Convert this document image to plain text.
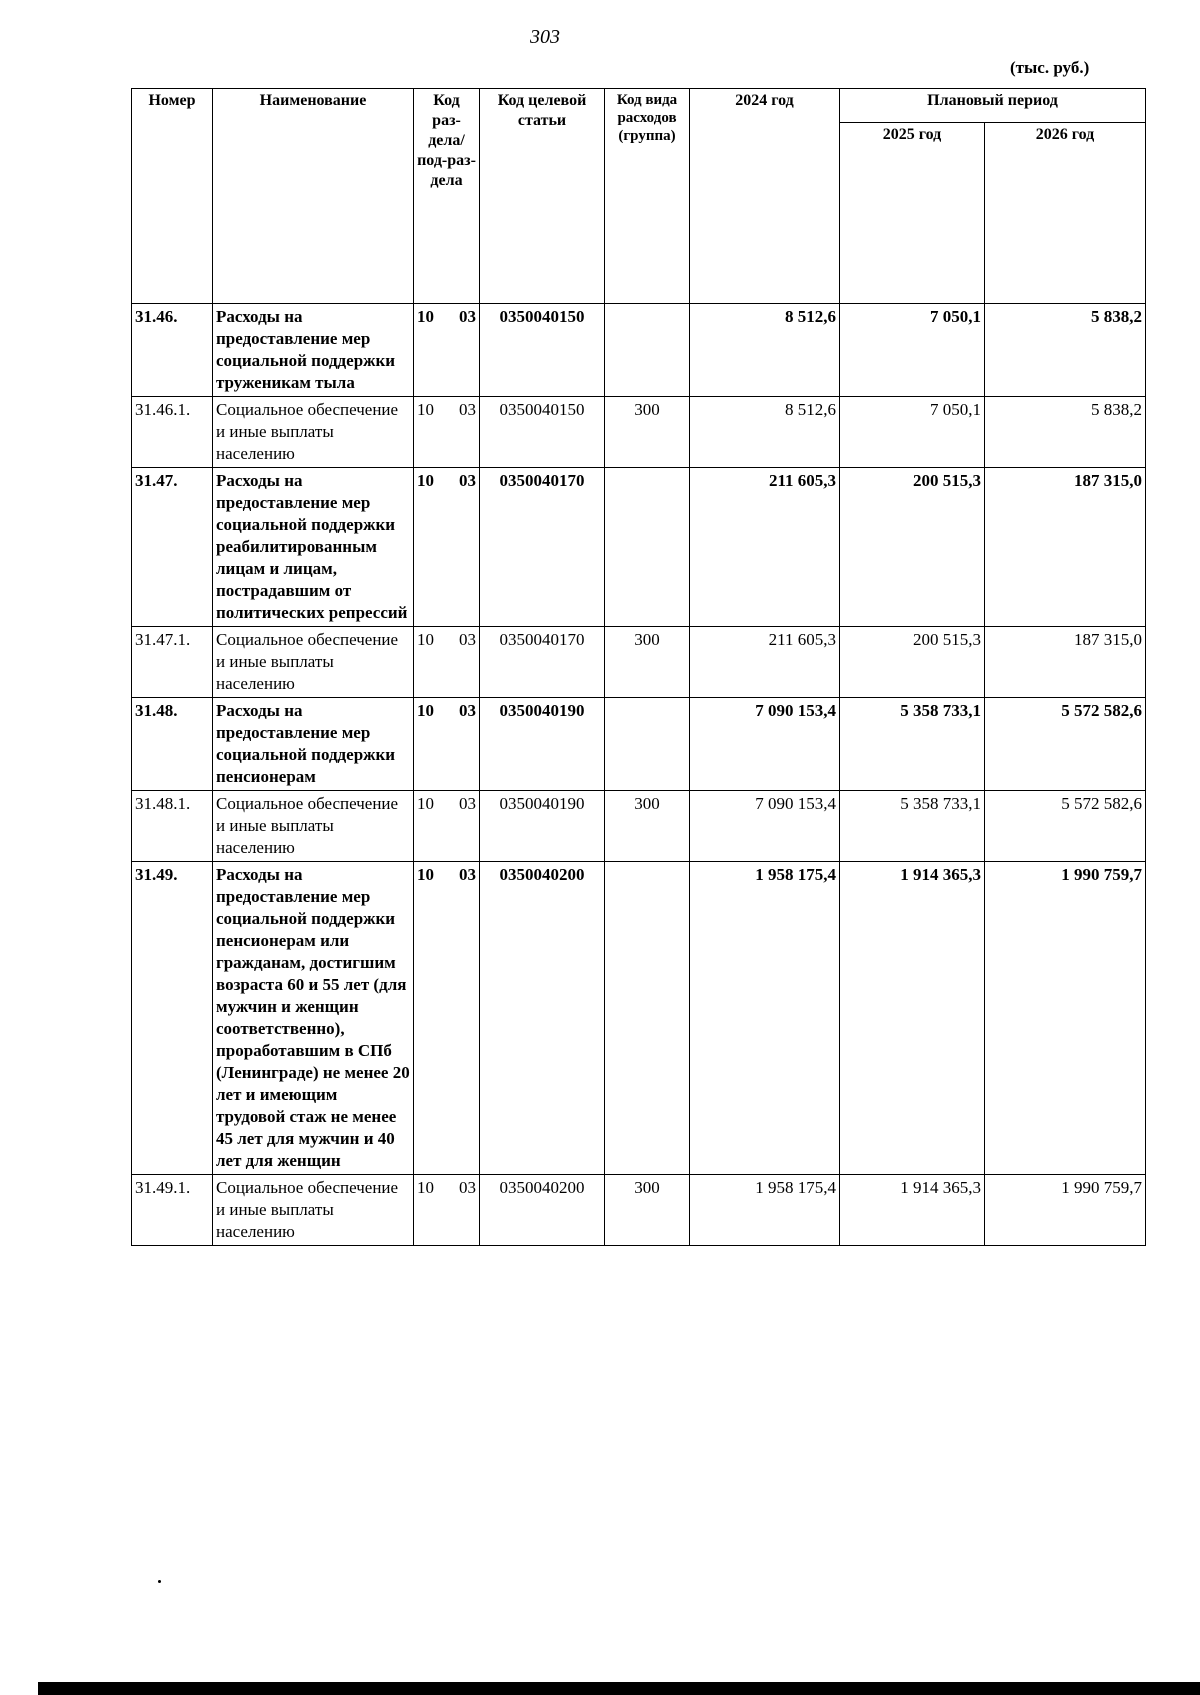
303
(тыс. руб.)
Номер	Наименование	Код раз-дела/ под-раз-дела	Код целевой статьи	Код вида расходов (группа)	2024 год	Плановый период	
						2025 год	2026 год
31.46.	Расходы на предоставление мер социальной поддержки труженикам тыла	10 03	0350040150		8 512,6	7 050,1	5 838,2
31.46.1.	Социальное обеспечение и иные выплаты населению	10 03	0350040150	300	8 512,6	7 050,1	5 838,2
31.47.	Расходы на предоставление мер социальной поддержки реабилитированным лицам и лицам, пострадавшим от политических репрессий	10 03	0350040170		211 605,3	200 515,3	187 315,0
31.47.1.	Социальное обеспечение и иные выплаты населению	10 03	0350040170	300	211 605,3	200 515,3	187 315,0
31.48.	Расходы на предоставление мер социальной поддержки пенсионерам	10 03	0350040190		7 090 153,4	5 358 733,1	5 572 582,6
31.48.1.	Социальное обеспечение и иные выплаты населению	10 03	0350040190	300	7 090 153,4	5 358 733,1	5 572 582,6
31.49.	Расходы на предоставление мер социальной поддержки пенсионерам или гражданам, достигшим возраста 60 и 55 лет (для мужчин и женщин соответственно), проработавшим в СПб (Ленинграде) не менее 20 лет и имеющим трудовой стаж не менее 45 лет для мужчин и 40 лет для женщин	10 03	0350040200		1 958 175,4	1 914 365,3	1 990 759,7
31.49.1.	Социальное обеспечение и иные выплаты населению	10 03	0350040200	300	1 958 175,4	1 914 365,3	1 990 759,7
